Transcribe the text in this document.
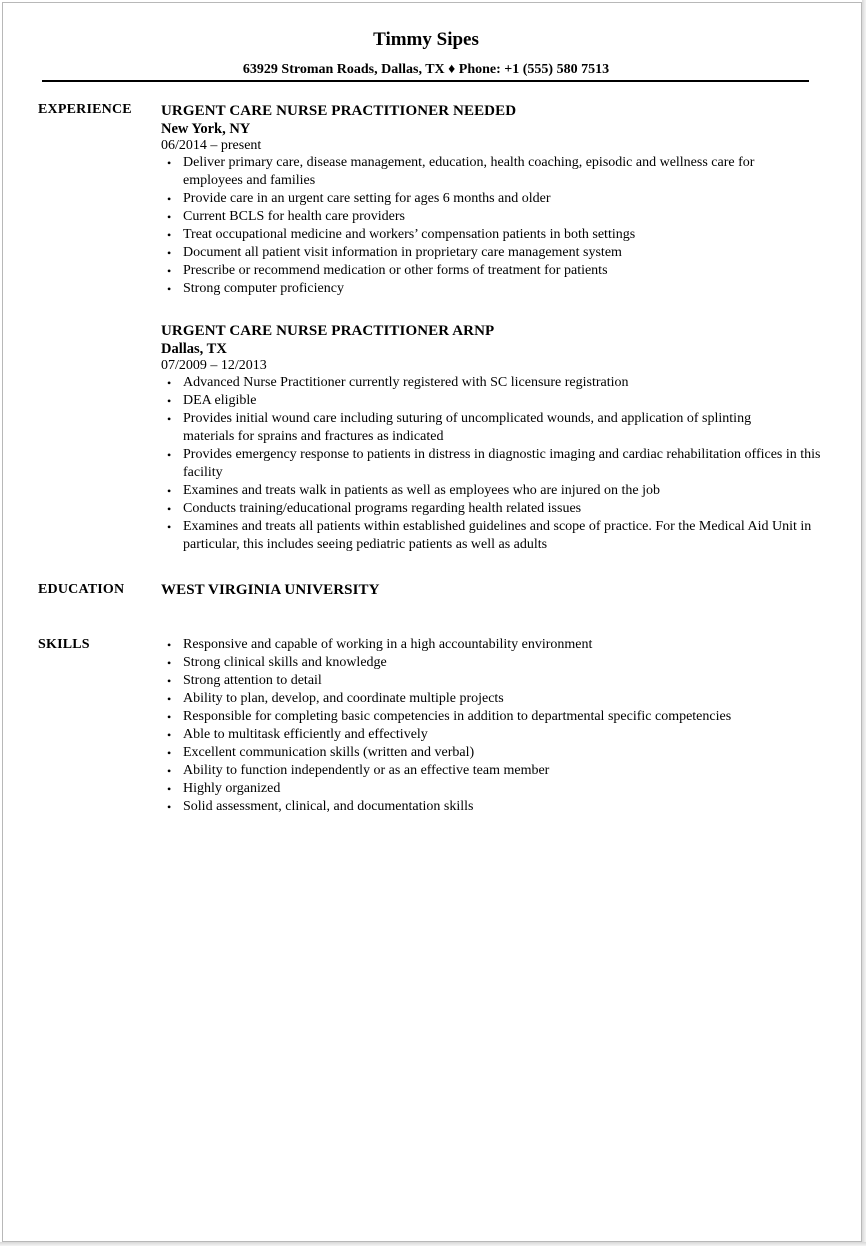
Timmy Sipes
63929 Stroman Roads, Dallas, TX ♦ Phone: +1 (555) 580 7513
EXPERIENCE URGENT CARE NURSE PRACTITIONER NEEDED
New York, NY
06/2014 – present
• Deliver primary care, disease management, education, health coaching, episodic and wellness care for employees and families
• Provide care in an urgent care setting for ages 6 months and older
• Current BCLS for health care providers
• Treat occupational medicine and workers’ compensation patients in both settings
• Document all patient visit information in proprietary care management system
• Prescribe or recommend medication or other forms of treatment for patients
• Strong computer proficiency
URGENT CARE NURSE PRACTITIONER ARNP
Dallas, TX
07/2009 – 12/2013
• Advanced Nurse Practitioner currently registered with SC licensure registration
• DEA eligible
• Provides initial wound care including suturing of uncomplicated wounds, and application of splinting materials for sprains and fractures as indicated
• Provides emergency response to patients in distress in diagnostic imaging and cardiac rehabilitation offices in this facility
• Examines and treats walk in patients as well as employees who are injured on the job
• Conducts training/educational programs regarding health related issues
• Examines and treats all patients within established guidelines and scope of practice. For the Medical Aid Unit in particular, this includes seeing pediatric patients as well as adults
EDUCATION WEST VIRGINIA UNIVERSITY
SKILLS
•	Responsive and capable of working in a high accountability environment
• Strong clinical skills and knowledge
• Strong attention to detail
• Ability to plan, develop, and coordinate multiple projects
• Responsible for completing basic competencies in addition to departmental specific competencies
• Able to multitask efficiently and effectively
• Excellent communication skills (written and verbal)
• Ability to function independently or as an effective team member
• Highly organized
• Solid assessment, clinical, and documentation skills
